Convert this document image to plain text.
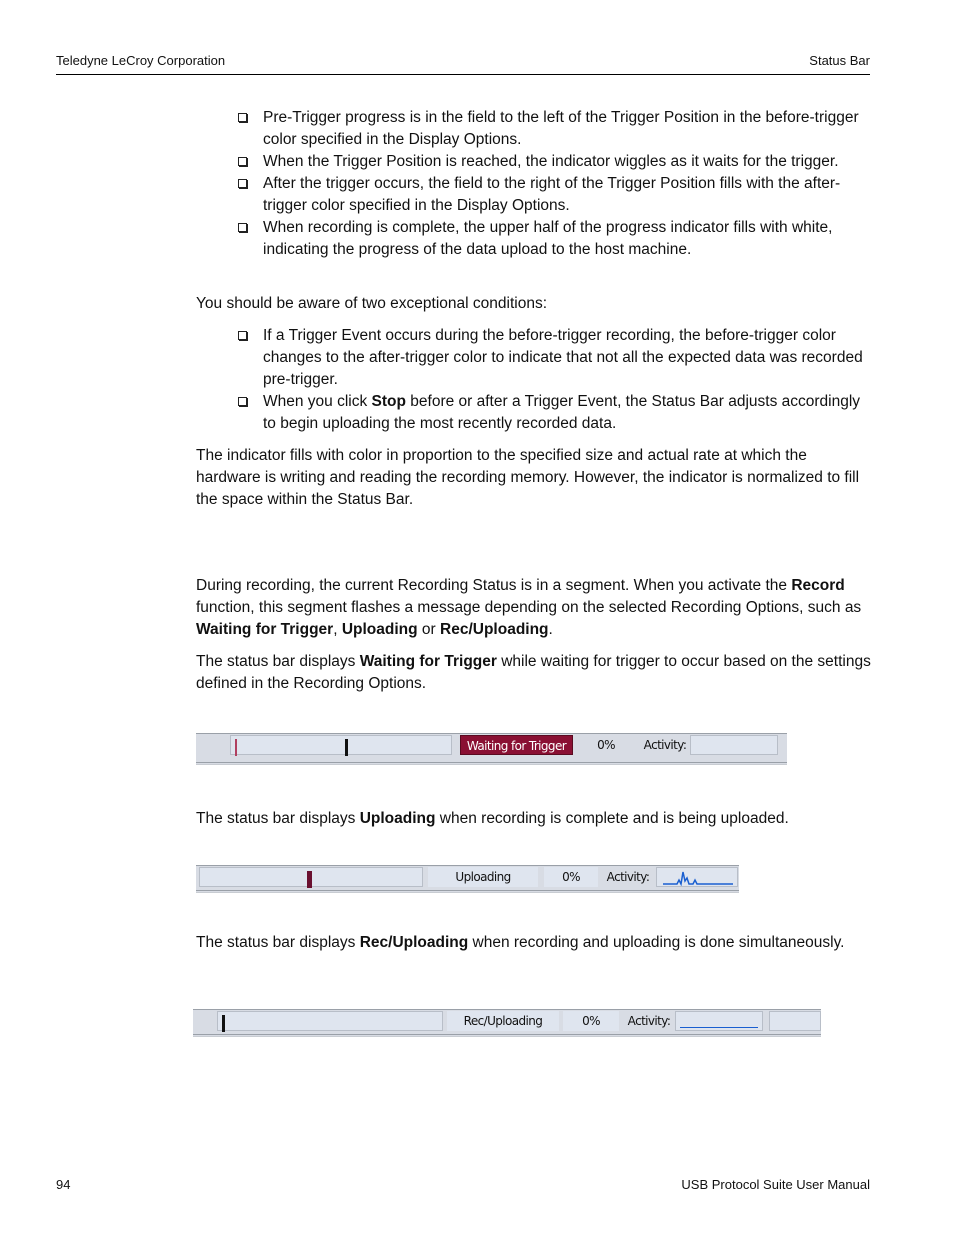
Teledyne LeCroy Corporation	Status Bar
Pre-Trigger progress is in the field to the left of the Trigger Position in the before-trigger color specified in the Display Options.
When the Trigger Position is reached, the indicator wiggles as it waits for the trigger.
After the trigger occurs, the field to the right of the Trigger Position fills with the after-trigger color specified in the Display Options.
When recording is complete, the upper half of the progress indicator fills with white, indicating the progress of the data upload to the host machine.
You should be aware of two exceptional conditions:
If a Trigger Event occurs during the before-trigger recording, the before-trigger color changes to the after-trigger color to indicate that not all the expected data was recorded pre-trigger.
When you click Stop before or after a Trigger Event, the Status Bar adjusts accordingly to begin uploading the most recently recorded data.
The indicator fills with color in proportion to the specified size and actual rate at which the hardware is writing and reading the recording memory. However, the indicator is normalized to fill the space within the Status Bar.
During recording, the current Recording Status is in a segment. When you activate the Record function, this segment flashes a message depending on the selected Recording Options, such as Waiting for Trigger, Uploading or Rec/Uploading.
The status bar displays Waiting for Trigger while waiting for trigger to occur based on the settings defined in the Recording Options.
Waiting for Trigger	0%	Activity:
The status bar displays Uploading when recording is complete and is being uploaded.
Uploading	0%	Activity:
The status bar displays Rec/Uploading when recording and uploading is done simultaneously.
Rec/Uploading	0%	Activity:
94	USB Protocol Suite User Manual
